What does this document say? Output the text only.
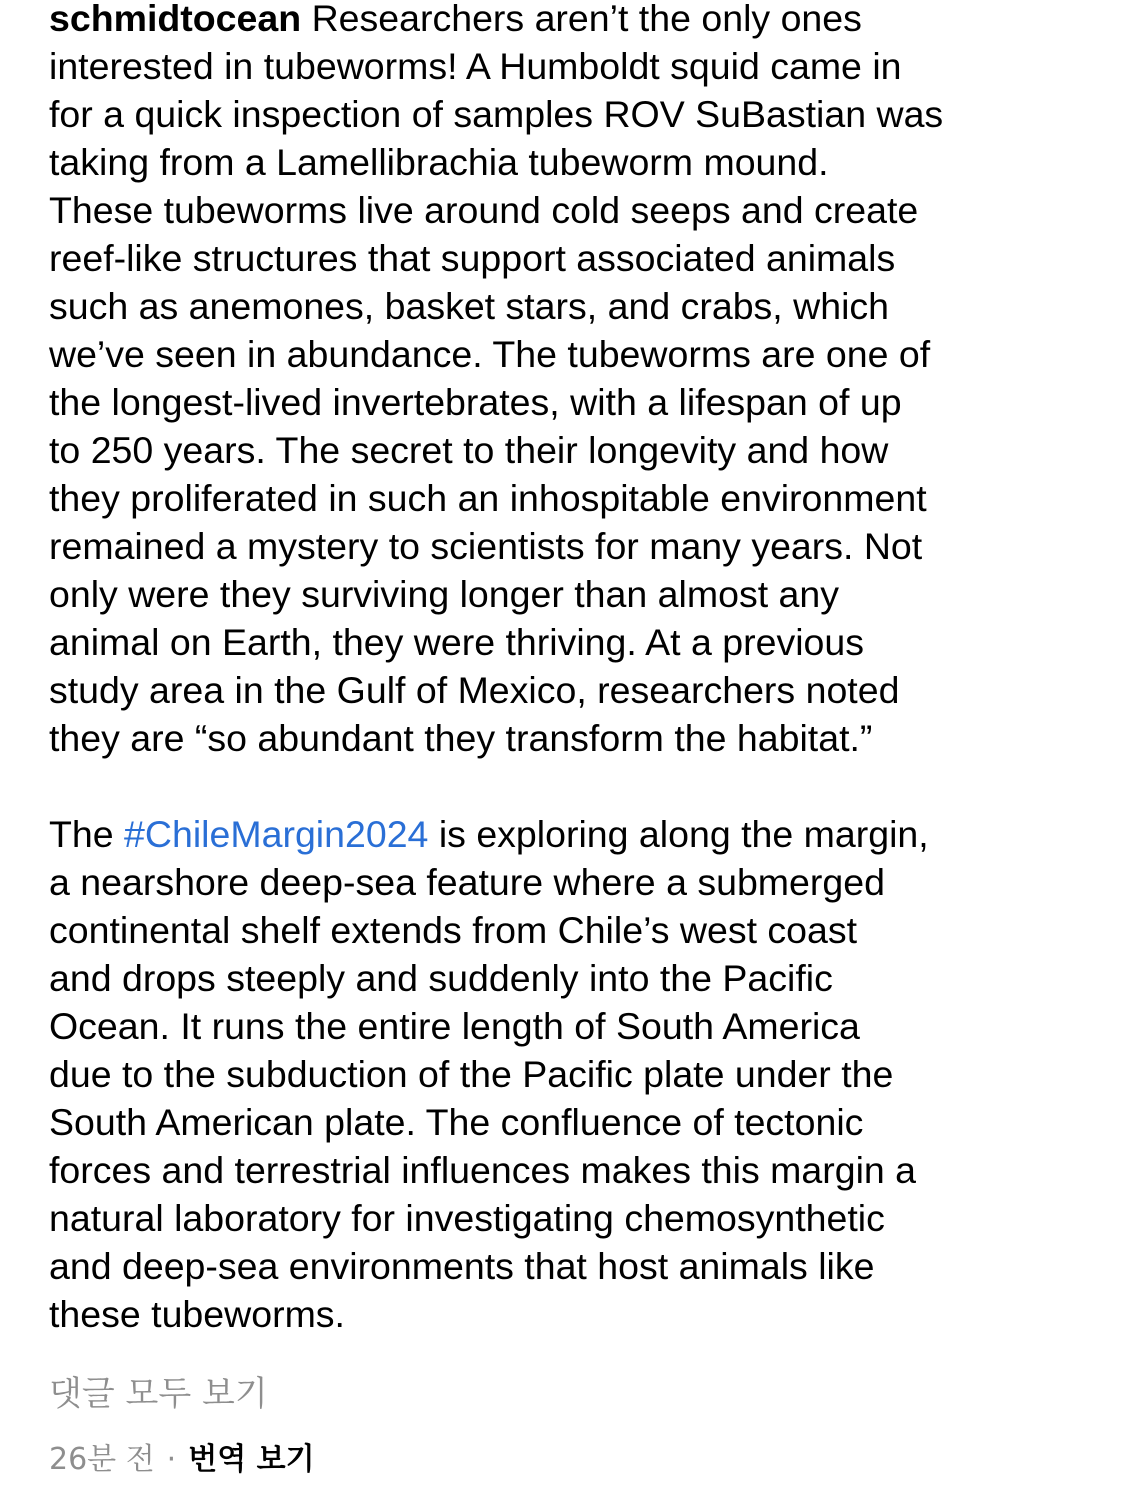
schmidtocean Researchers aren’t the only ones
interested in tubeworms! A Humboldt squid came in
for a quick inspection of samples ROV SuBastian was
taking from a Lamellibrachia tubeworm mound.
These tubeworms live around cold seeps and create
reef-like structures that support associated animals
such as anemones, basket stars, and crabs, which
we’ve seen in abundance. The tubeworms are one of
the longest-lived invertebrates, with a lifespan of up
to 250 years. The secret to their longevity and how
they proliferated in such an inhospitable environment
remained a mystery to scientists for many years. Not
only were they surviving longer than almost any
animal on Earth, they were thriving. At a previous
study area in the Gulf of Mexico, researchers noted
they are “so abundant they transform the habitat.”

The #ChileMargin2024 is exploring along the margin,
a nearshore deep-sea feature where a submerged
continental shelf extends from Chile’s west coast
and drops steeply and suddenly into the Pacific
Ocean. It runs the entire length of South America
due to the subduction of the Pacific plate under the
South American plate. The confluence of tectonic
forces and terrestrial influences makes this margin a
natural laboratory for investigating chemosynthetic
and deep-sea environments that host animals like
these tubeworms.

댓글 모두 보기
26분 전 · 번역 보기
